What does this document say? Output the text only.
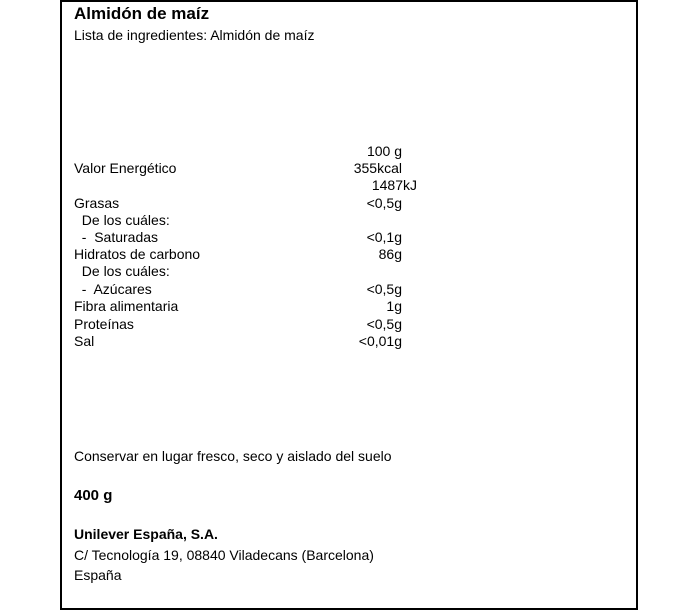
Almidón de maíz
Lista de ingredientes: Almidón de maíz
100 g
Valor Energético	355kcal
1487kJ
Grasas	<0,5g
De los cuáles:
-  Saturadas	<0,1g
Hidratos de carbono	86g
De los cuáles:
-  Azúcares	<0,5g
Fibra alimentaria	1g
Proteínas	<0,5g
Sal	<0,01g
Conservar en lugar fresco, seco y aislado del suelo
400 g
Unilever España, S.A.
C/ Tecnología 19, 08840 Viladecans (Barcelona)
España
